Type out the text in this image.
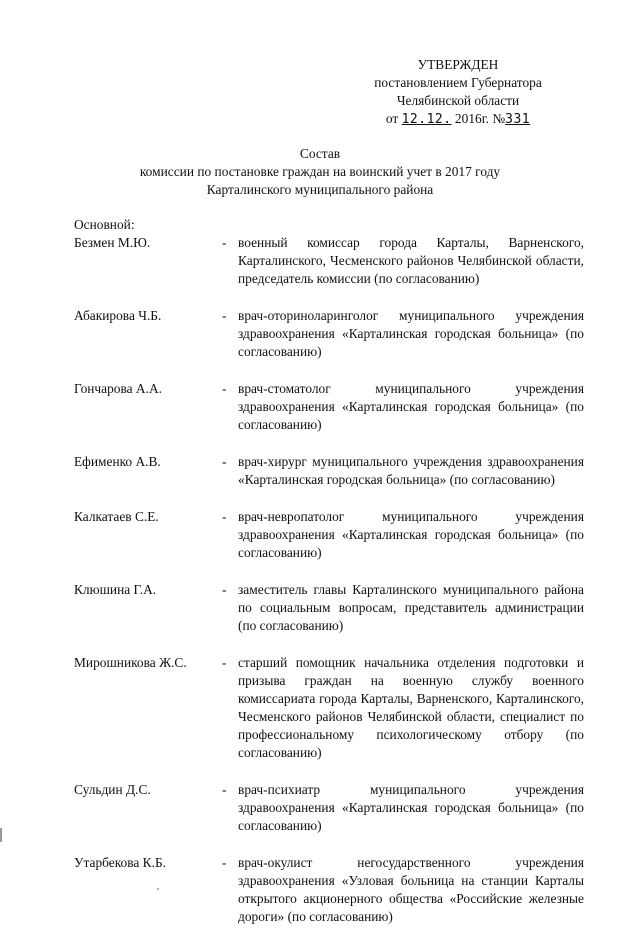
УТВЕРЖДЕН
постановлением Губернатора
Челябинской области
от 12.12. 2016г. №331
Состав
комиссии по постановке граждан на воинский учет в 2017 году
Карталинского муниципального района
Основной:
Безмен М.Ю.	- военный комиссар города Карталы, Варненского, Карталинского, Чесменского районов Челябинской области, председатель комиссии (по согласованию)
Абакирова Ч.Б.	- врач-оториноларинголог муниципального учреждения здравоохранения «Карталинская городская больница» (по согласованию)
Гончарова А.А.	- врач-стоматолог муниципального учреждения здравоохранения «Карталинская городская больница» (по согласованию)
Ефименко А.В.	- врач-хирург муниципального учреждения здравоохранения «Карталинская городская больница» (по согласованию)
Калкатаев С.Е.	- врач-невропатолог муниципального учреждения здравоохранения «Карталинская городская больница» (по согласованию)
Клюшина Г.А.	- заместитель главы Карталинского муниципального района по социальным вопросам, представитель администрации (по согласованию)
Мирошникова Ж.С.	- старший помощник начальника отделения подготовки и призыва граждан на военную службу военного комиссариата города Карталы, Варненского, Карталинского, Чесменского районов Челябинской области, специалист по профессиональному психологическому отбору (по согласованию)
Сульдин Д.С.	- врач-психиатр муниципального учреждения здравоохранения «Карталинская городская больница» (по согласованию)
Утарбекова К.Б.	- врач-окулист негосударственного учреждения здравоохранения «Узловая больница на станции Карталы открытого акционерного общества «Российские железные дороги» (по согласованию)
